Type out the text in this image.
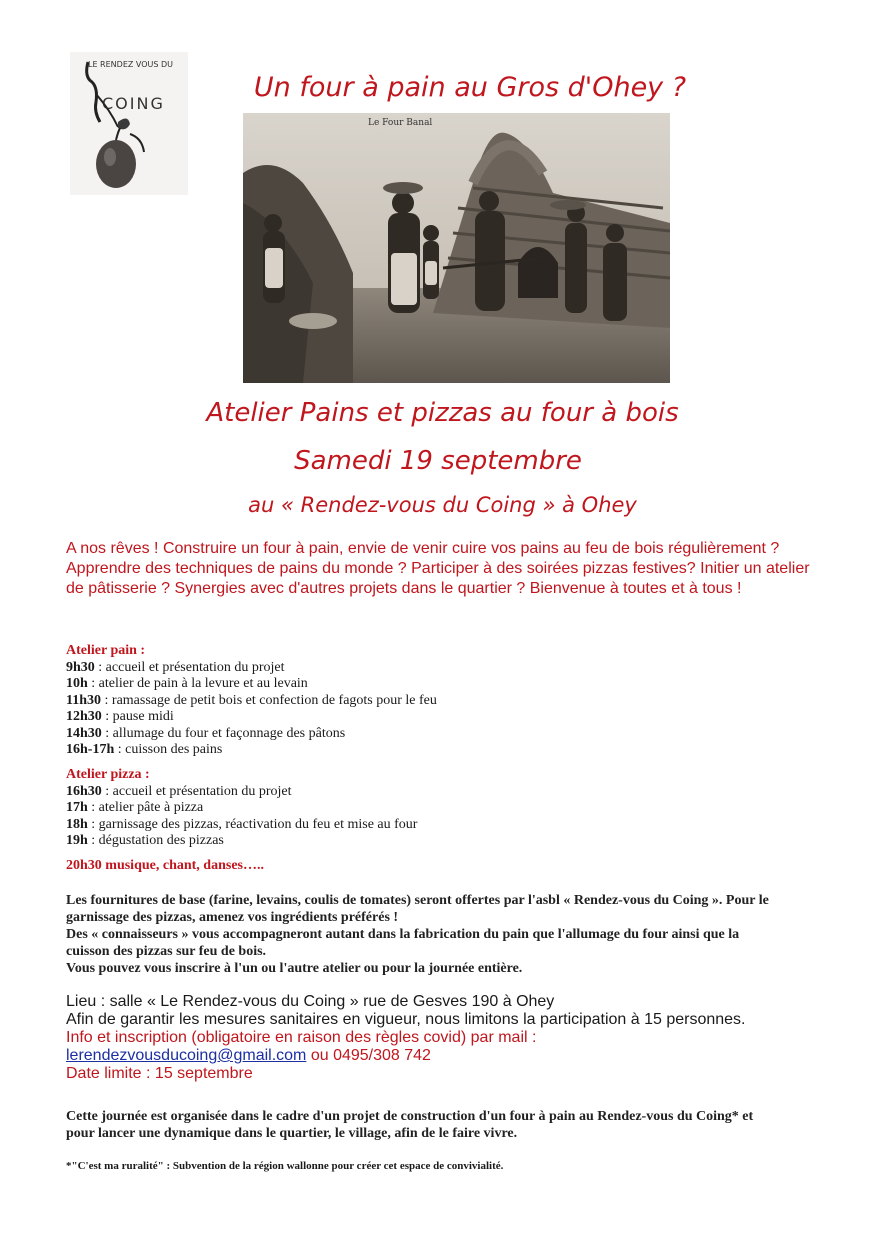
LE RENDEZ VOUS DU
COING
Un four à pain au Gros d'Ohey ?
Le Four Banal
Atelier Pains et pizzas au four à bois
Samedi 19 septembre
au « Rendez-vous du Coing » à Ohey
A nos rêves ! Construire un four à pain, envie de venir cuire vos pains au feu de bois régulièrement ? Apprendre des techniques de pains du monde ? Participer à des soirées pizzas festives? Initier un atelier de pâtisserie ? Synergies avec d'autres projets dans le quartier ? Bienvenue à toutes et à tous !
Atelier pain :
9h30 : accueil et présentation du projet
10h : atelier de pain à la levure et au levain
11h30 : ramassage de petit bois et confection de fagots pour le feu
12h30 : pause midi
14h30 : allumage du four et façonnage des pâtons
16h-17h : cuisson des pains
Atelier pizza :
16h30 : accueil et présentation du projet
17h : atelier pâte à pizza
18h : garnissage des pizzas, réactivation du feu et mise au four
19h : dégustation des pizzas
20h30 musique, chant, danses…..
Les fournitures de base (farine, levains, coulis de tomates) seront offertes par l'asbl « Rendez-vous du Coing ». Pour le
garnissage des pizzas, amenez vos ingrédients préférés !
Des « connaisseurs » vous accompagneront autant dans la fabrication du pain que l'allumage du four ainsi que la
cuisson des pizzas sur feu de bois.
Vous pouvez vous inscrire à l'un ou l'autre atelier ou pour la journée entière.
Lieu : salle « Le Rendez-vous du Coing » rue de Gesves 190 à Ohey
Afin de garantir les mesures sanitaires en vigueur, nous limitons la participation à 15 personnes.
Info et inscription (obligatoire en raison des règles covid) par mail :
lerendezvousducoing@gmail.com ou 0495/308 742
Date limite : 15 septembre
Cette journée est organisée dans le cadre d'un projet de construction d'un four à pain au Rendez-vous du Coing* et
pour lancer une dynamique dans le quartier, le village, afin de le faire vivre.
*"C'est ma ruralité" : Subvention de la région wallonne pour créer cet espace de convivialité.
